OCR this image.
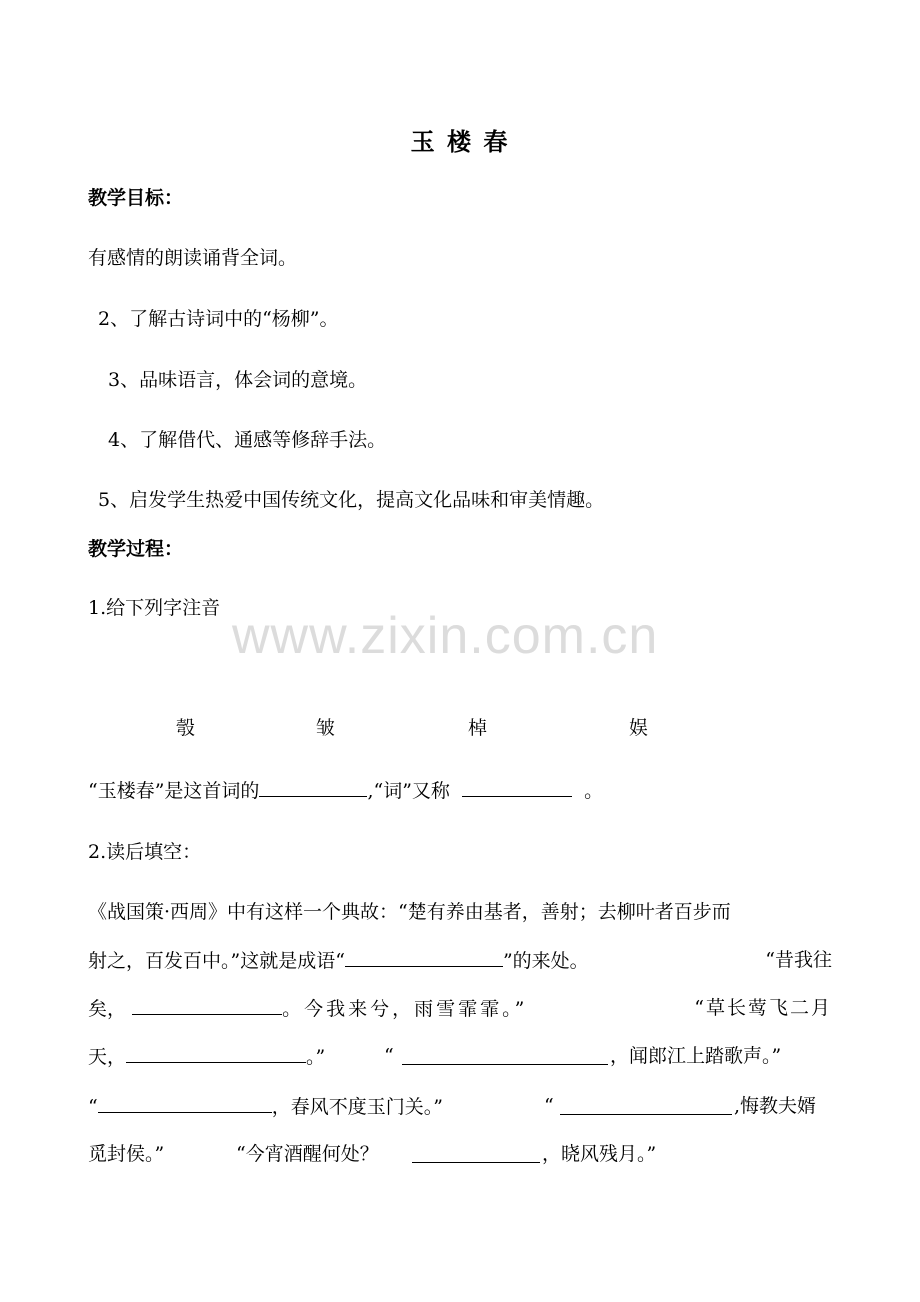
www.zixin.com.cn
玉 楼 春
教学目标：
有感情的朗读诵背全词。
2、了解古诗词中的“杨柳”。
3、品味语言，体会词的意境。
4、了解借代、通感等修辞手法。
5、启发学生热爱中国传统文化，提高文化品味和审美情趣。
教学过程：
1.给下列字注音
彀	皱	棹	娱
“玉楼春”是这首词的	,“词”又称	。
2.读后填空：
《战国策·西周》中有这样一个典故：“楚有养由基者，善射；去柳叶者百步而
射之，百发百中。”这就是成语“	”的来处。	“昔我往
矣，	。今我来兮，雨雪霏霏。”	“草长莺飞二月
天，	。”	“	，闻郎江上踏歌声。”
“	，春风不度玉门关。”	“	,悔教夫婿
觅封侯。”	“今宵酒醒何处？	，晓风残月。”
